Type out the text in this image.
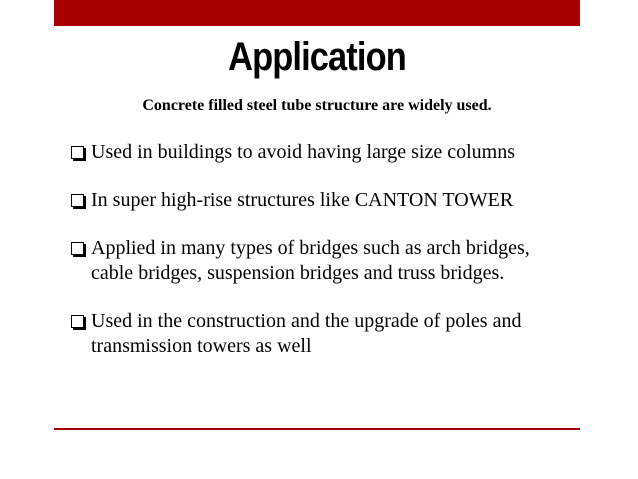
Application
Concrete filled steel tube structure are widely used.
Used in buildings to avoid having large size columns
In super high-rise structures like CANTON TOWER
Applied in many types of bridges such as arch bridges, cable bridges, suspension bridges and truss bridges.
Used in the construction and the upgrade of poles and transmission towers as well
